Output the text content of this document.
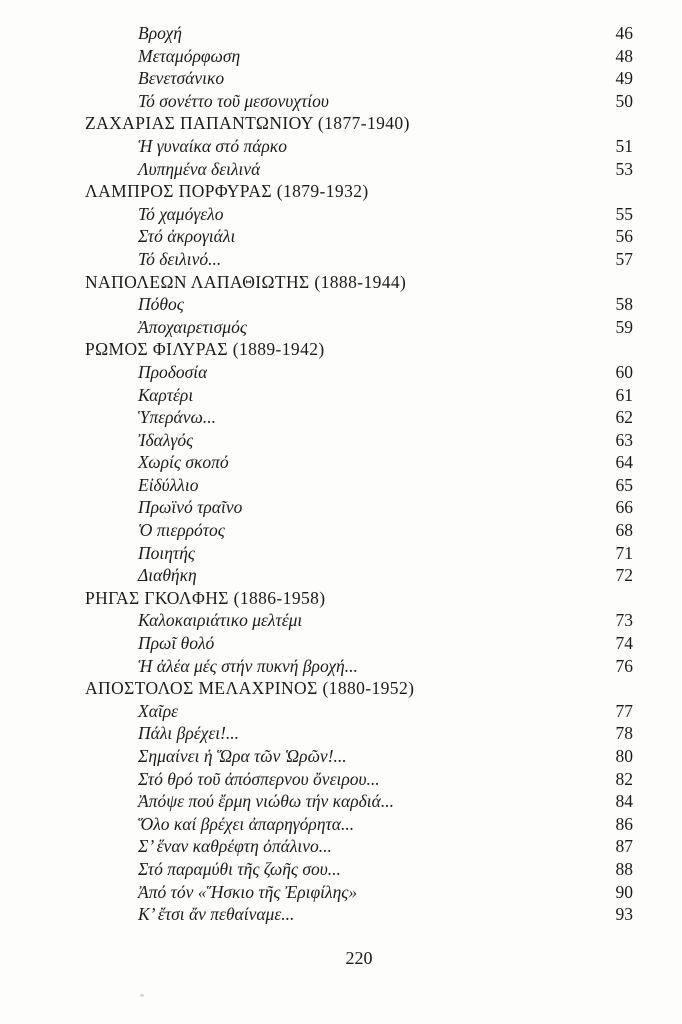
Βροχή	46
Μεταμόρφωση	48
Βενετσάνικο	49
Τό σονέττο τοῦ μεσονυχτίου	50
ΖΑΧΑΡΙΑΣ ΠΑΠΑΝΤΩΝΙΟΥ (1877-1940)
Ἡ γυναίκα στό πάρκο	51
Λυπημένα δειλινά	53
ΛΑΜΠΡΟΣ ΠΟΡΦΥΡΑΣ (1879-1932)
Τό χαμόγελο	55
Στό ἀκρογιάλι	56
Τό δειλινό...	57
ΝΑΠΟΛΕΩΝ ΛΑΠΑΘΙΩΤΗΣ (1888-1944)
Πόθος	58
Ἀποχαιρετισμός	59
ΡΩΜΟΣ ΦΙΛΥΡΑΣ (1889-1942)
Προδοσία	60
Καρτέρι	61
Ὑπεράνω...	62
Ἰδαλγός	63
Χωρίς σκοπό	64
Εἰδύλλιο	65
Πρωϊνό τραῖνο	66
Ὁ πιερρότος	68
Ποιητής	71
Διαθήκη	72
ΡΗΓΑΣ ΓΚΟΛΦΗΣ (1886-1958)
Καλοκαιριάτικο μελτέμι	73
Πρωῖ θολό	74
Ἡ ἀλέα μές στήν πυκνή βροχή...	76
ΑΠΟΣΤΟΛΟΣ ΜΕΛΑΧΡΙΝΟΣ (1880-1952)
Χαῖρε	77
Πάλι βρέχει!...	78
Σημαίνει ἡ Ὥρα τῶν Ὡρῶν!...	80
Στό θρό τοῦ ἀπόσπερνου ὄνειρου...	82
Ἀπόψε πού ἔρμη νιώθω τήν καρδιά...	84
Ὅλο καί βρέχει ἀπαρηγόρητα...	86
Σ’ ἕναν καθρέφτη ὀπάλινο...	87
Στό παραμύθι τῆς ζωῆς σου...	88
Ἀπό τόν «Ἥσκιο τῆς Ἐριφίλης»	90
Κ’ ἔτσι ἄν πεθαίναμε...	93
220
